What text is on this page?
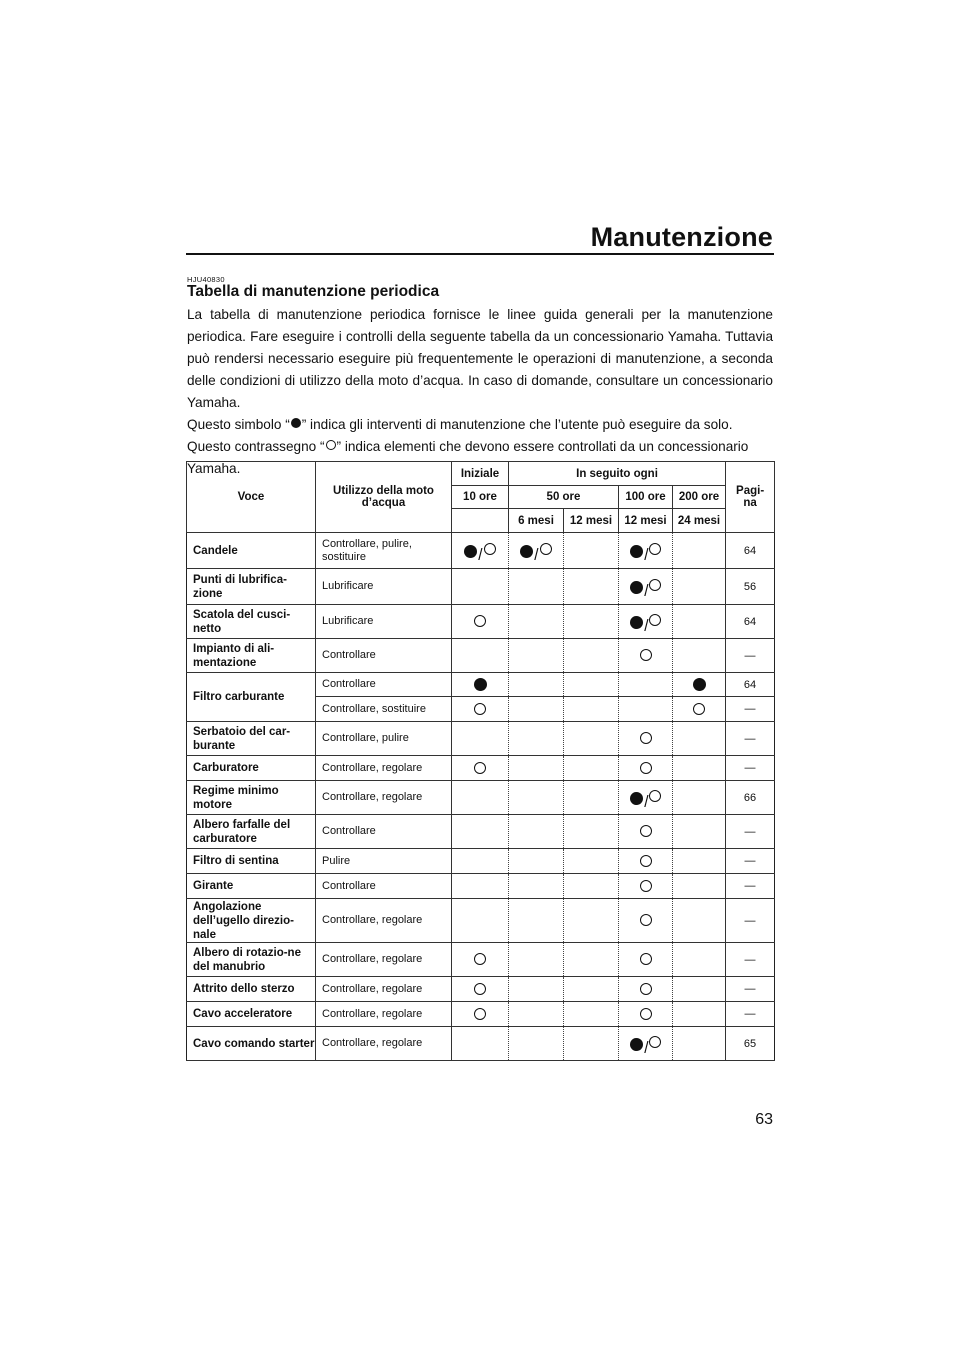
Manutenzione
HJU40830
Tabella di manutenzione periodica

La tabella di manutenzione periodica fornisce le linee guida generali per la manutenzione periodica. Fare eseguire i controlli della seguente tabella da un concessionario Yamaha. Tuttavia può rendersi necessario eseguire più frequentemente le operazioni di manutenzione, a seconda delle condizioni di utilizzo della moto d’acqua. In caso di domande, consultare un concessionario Yamaha.

Questo simbolo “ ” indica gli interventi di manutenzione che l’utente può eseguire da solo.

Questo contrassegno “ ” indica elementi che devono essere controllati da un concessionario Yamaha.

Voce	Utilizzo della moto d’acqua	Iniziale	In seguito ogni				Pagi-na
		10 ore	50 ore		100 ore	200 ore	
			6 mesi	12 mesi	12 mesi	24 mesi	
Candele	Controllare, pulire, sostituire	/	/		/		64
Punti di lubrifica-zione	Lubrificare				/		56
Scatola del cusci-netto	Lubrificare				/		64
Impianto di ali-mentazione	Controllare						—
Filtro carburante	Controllare						64
	Controllare, sostituire						—
Serbatoio del car-burante	Controllare, pulire						—
Carburatore	Controllare, regolare						—
Regime minimo motore	Controllare, regolare				/		66
Albero farfalle del carburatore	Controllare						—
Filtro di sentina	Pulire						—
Girante	Controllare						—
Angolazione dell’ugello direzio-nale	Controllare, regolare						—
Albero di rotazio-ne del manubrio	Controllare, regolare						—
Attrito dello sterzo	Controllare, regolare						—
Cavo acceleratore	Controllare, regolare						—
Cavo comando starter	Controllare, regolare				/		65
63
